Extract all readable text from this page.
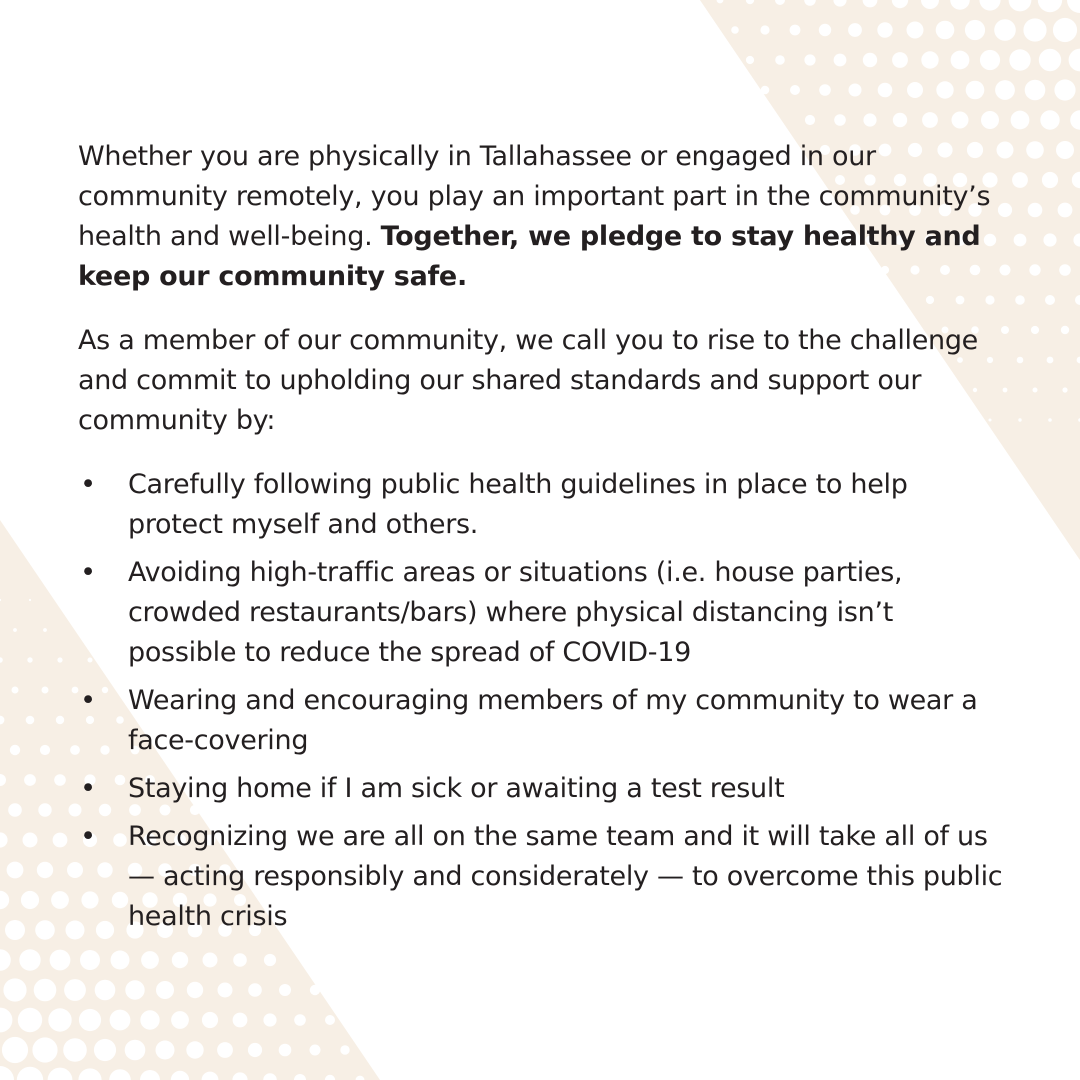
Whether you are physically in Tallahassee or engaged in our community remotely, you play an important part in the community’s health and well-being. Together, we pledge to stay healthy and keep our community safe.

As a member of our community, we call you to rise to the challenge and commit to upholding our shared standards and support our community by:

• Carefully following public health guidelines in place to help protect myself and others.
• Avoiding high-traffic areas or situations (i.e. house parties, crowded restaurants/bars) where physical distancing isn’t possible to reduce the spread of COVID-19
• Wearing and encouraging members of my community to wear a face-covering
• Staying home if I am sick or awaiting a test result
• Recognizing we are all on the same team and it will take all of us — acting responsibly and considerately — to overcome this public health crisis
